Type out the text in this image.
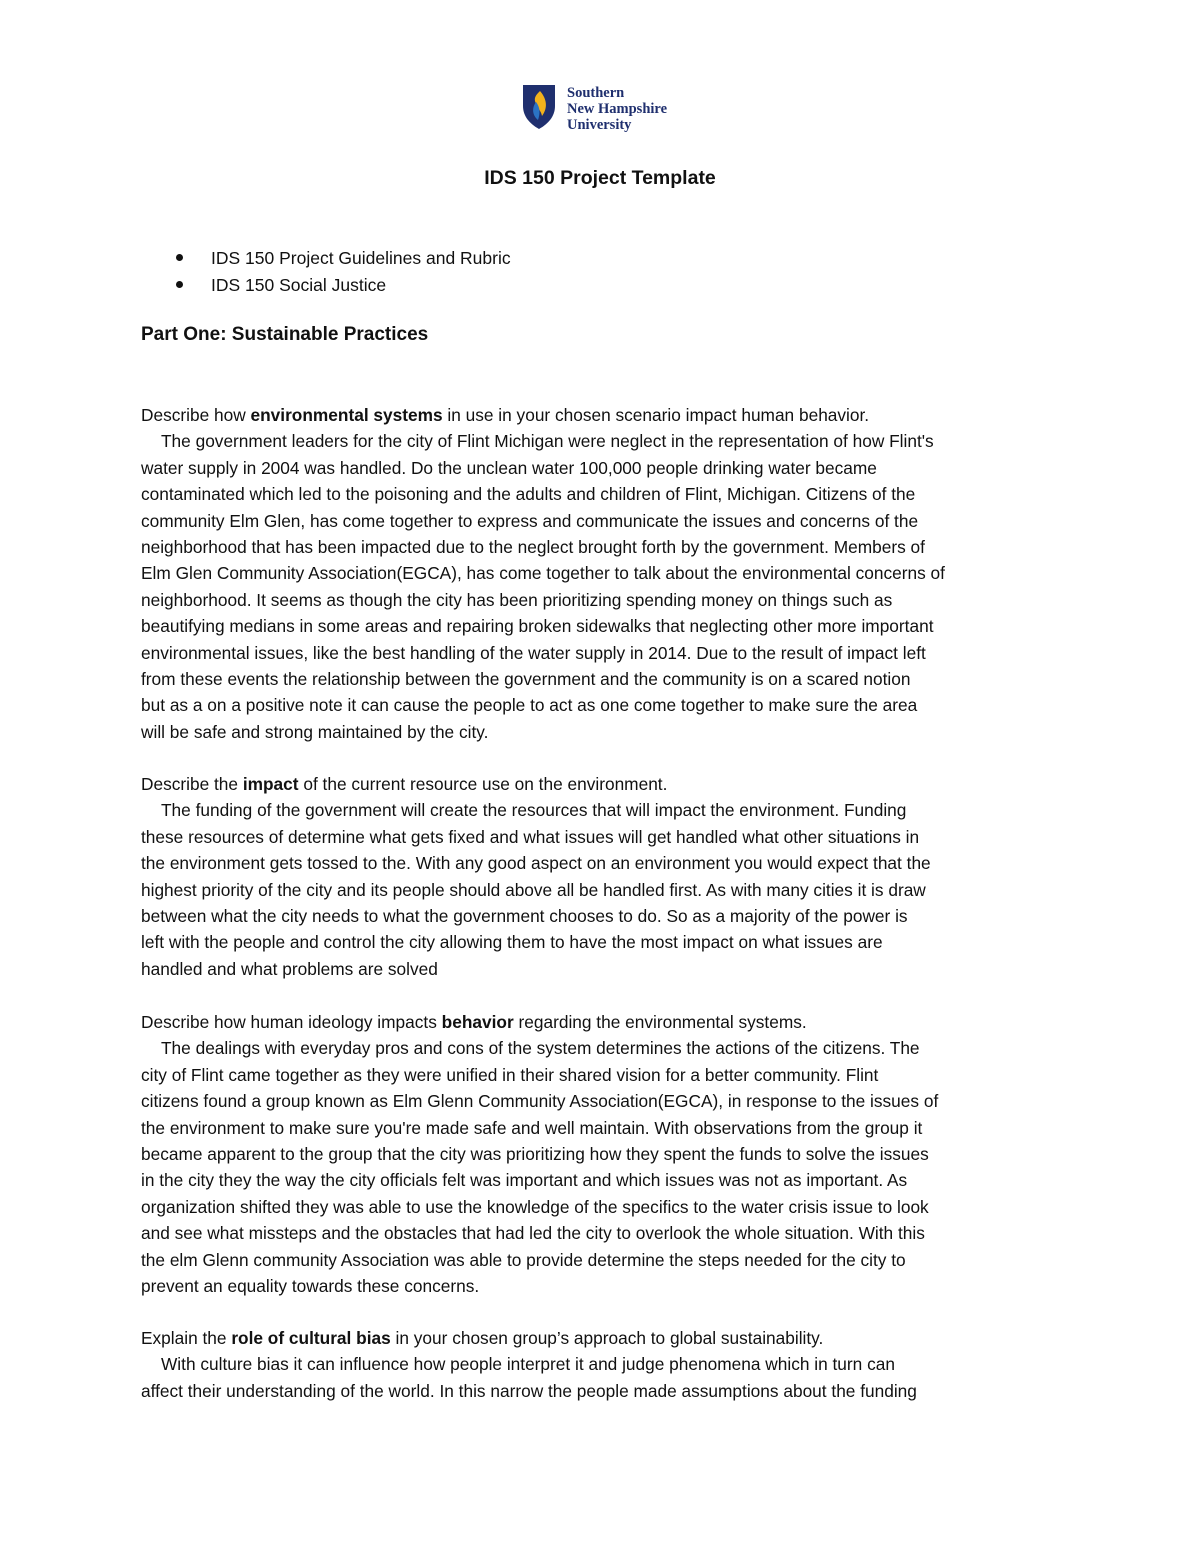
Southern
New Hampshire
University
IDS 150 Project Template
IDS 150 Project Guidelines and Rubric
IDS 150 Social Justice
Part One: Sustainable Practices
Describe how environmental systems in use in your chosen scenario impact human behavior.
The government leaders for the city of Flint Michigan were neglect in the representation of how Flint's
water supply in 2004 was handled. Do the unclean water 100,000 people drinking water became
contaminated which led to the poisoning and the adults and children of Flint, Michigan. Citizens of the
community Elm Glen, has come together to express and communicate the issues and concerns of the
neighborhood that has been impacted due to the neglect brought forth by the government. Members of
Elm Glen Community Association(EGCA), has come together to talk about the environmental concerns of
neighborhood. It seems as though the city has been prioritizing spending money on things such as
beautifying medians in some areas and repairing broken sidewalks that neglecting other more important
environmental issues, like the best handling of the water supply in 2014. Due to the result of impact left
from these events the relationship between the government and the community is on a scared notion
but as a on a positive note it can cause the people to act as one come together to make sure the area
will be safe and strong maintained by the city.
Describe the impact of the current resource use on the environment.
The funding of the government will create the resources that will impact the environment. Funding
these resources of determine what gets fixed and what issues will get handled what other situations in
the environment gets tossed to the. With any good aspect on an environment you would expect that the
highest priority of the city and its people should above all be handled first. As with many cities it is draw
between what the city needs to what the government chooses to do. So as a majority of the power is
left with the people and control the city allowing them to have the most impact on what issues are
handled and what problems are solved
Describe how human ideology impacts behavior regarding the environmental systems.
The dealings with everyday pros and cons of the system determines the actions of the citizens. The
city of Flint came together as they were unified in their shared vision for a better community. Flint
citizens found a group known as Elm Glenn Community Association(EGCA), in response to the issues of
the environment to make sure you're made safe and well maintain. With observations from the group it
became apparent to the group that the city was prioritizing how they spent the funds to solve the issues
in the city they the way the city officials felt was important and which issues was not as important. As
organization shifted they was able to use the knowledge of the specifics to the water crisis issue to look
and see what missteps and the obstacles that had led the city to overlook the whole situation. With this
the elm Glenn community Association was able to provide determine the steps needed for the city to
prevent an equality towards these concerns.
Explain the role of cultural bias in your chosen group’s approach to global sustainability.
With culture bias it can influence how people interpret it and judge phenomena which in turn can
affect their understanding of the world. In this narrow the people made assumptions about the funding
